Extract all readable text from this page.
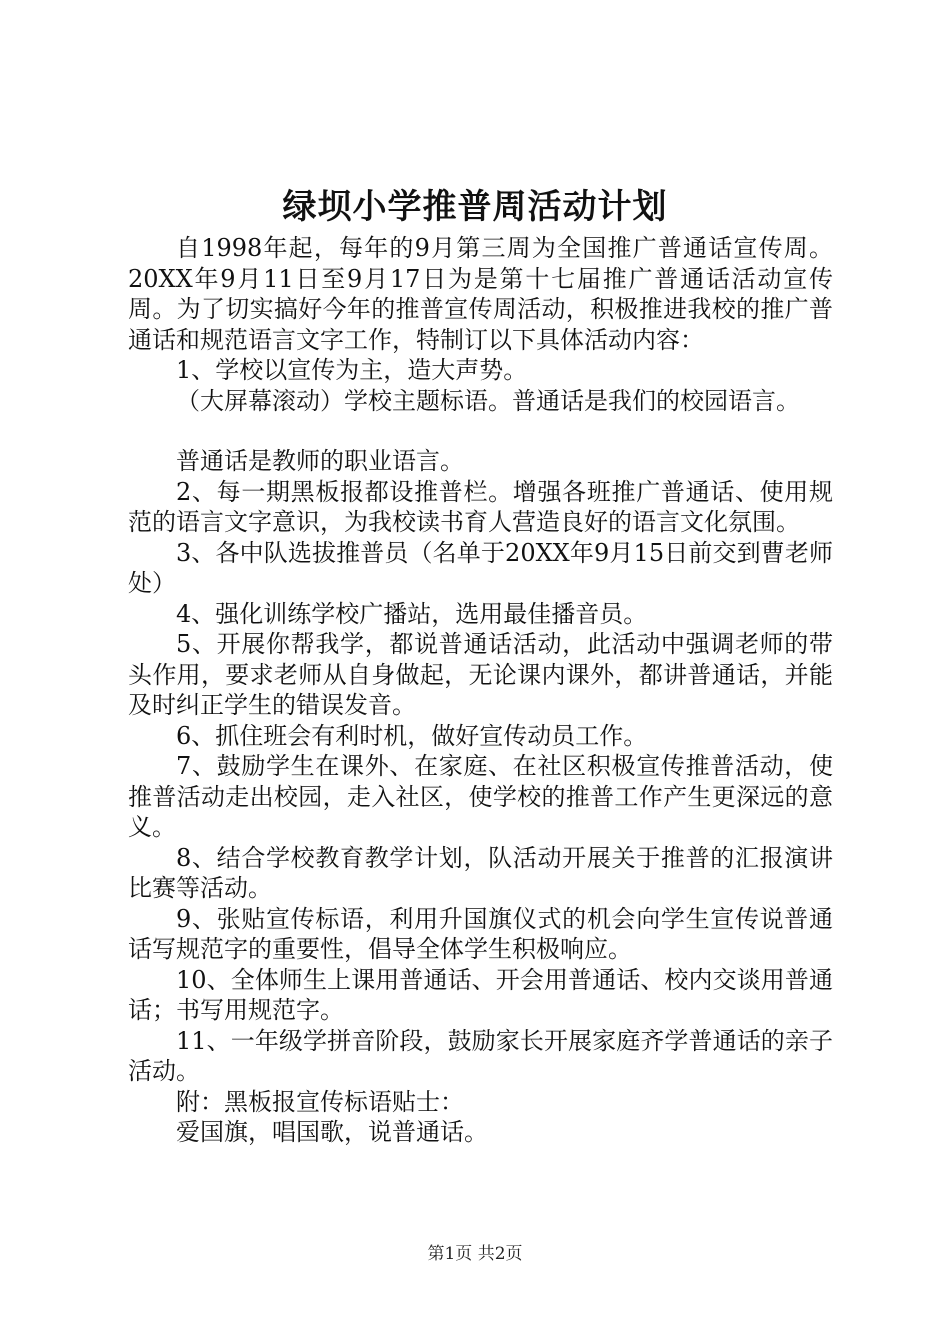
绿坝小学推普周活动计划

自1998年起，每年的9月第三周为全国推广普通话宣传周。20XX年9月11日至9月17日为是第十七届推广普通话活动宣传周。为了切实搞好今年的推普宣传周活动，积极推进我校的推广普通话和规范语言文字工作，特制订以下具体活动内容：

1、学校以宣传为主，造大声势。

（大屏幕滚动）学校主题标语。普通话是我们的校园语言。

普通话是教师的职业语言。

2、每一期黑板报都设推普栏。增强各班推广普通话、使用规范的语言文字意识，为我校读书育人营造良好的语言文化氛围。

3、各中队选拔推普员（名单于20XX年9月15日前交到曹老师处）

4、强化训练学校广播站，选用最佳播音员。

5、开展你帮我学，都说普通话活动，此活动中强调老师的带头作用，要求老师从自身做起，无论课内课外，都讲普通话，并能及时纠正学生的错误发音。

6、抓住班会有利时机，做好宣传动员工作。

7、鼓励学生在课外、在家庭、在社区积极宣传推普活动，使推普活动走出校园，走入社区，使学校的推普工作产生更深远的意义。

8、结合学校教育教学计划，队活动开展关于推普的汇报演讲比赛等活动。

9、张贴宣传标语，利用升国旗仪式的机会向学生宣传说普通话写规范字的重要性，倡导全体学生积极响应。

10、全体师生上课用普通话、开会用普通话、校内交谈用普通话；书写用规范字。

11、一年级学拼音阶段，鼓励家长开展家庭齐学普通话的亲子活动。

附：黑板报宣传标语贴士：

爱国旗，唱国歌，说普通话。

第1页 共2页
